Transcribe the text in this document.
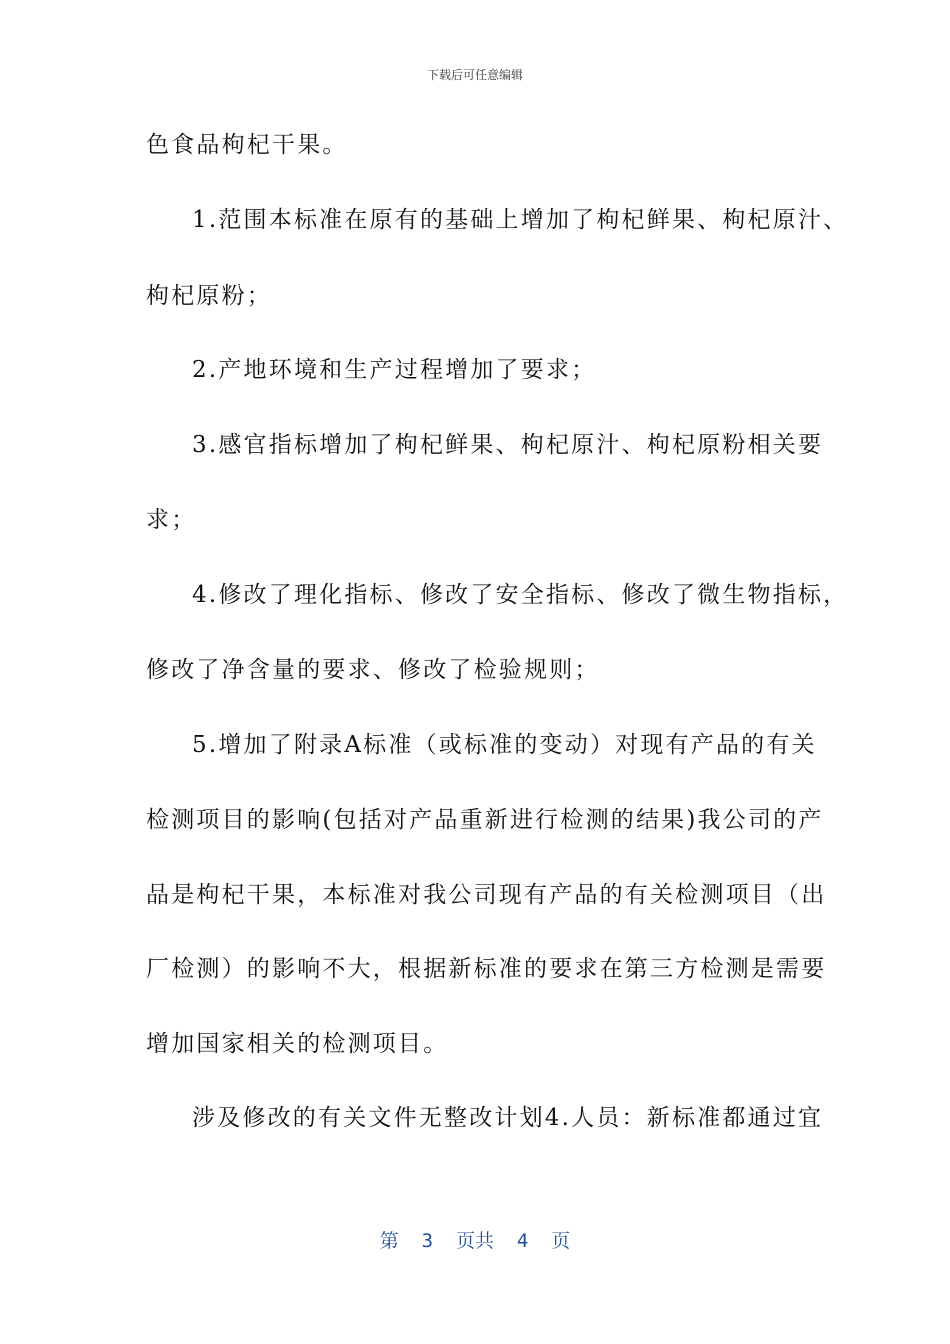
下载后可任意编辑
色食品枸杞干果。
1.范围本标准在原有的基础上增加了枸杞鲜果、枸杞原汁、
枸杞原粉；
2.产地环境和生产过程增加了要求；
3.感官指标增加了枸杞鲜果、枸杞原汁、枸杞原粉相关要
求；
4.修改了理化指标、修改了安全指标、修改了微生物指标，
修改了净含量的要求、修改了检验规则；
5.增加了附录A标准（或标准的变动）对现有产品的有关
检测项目的影响(包括对产品重新进行检测的结果)我公司的产
品是枸杞干果，本标准对我公司现有产品的有关检测项目（出
厂检测）的影响不大，根据新标准的要求在第三方检测是需要
增加国家相关的检测项目。
涉及修改的有关文件无整改计划4.人员：新标准都通过宜
第 3 页共 4 页
